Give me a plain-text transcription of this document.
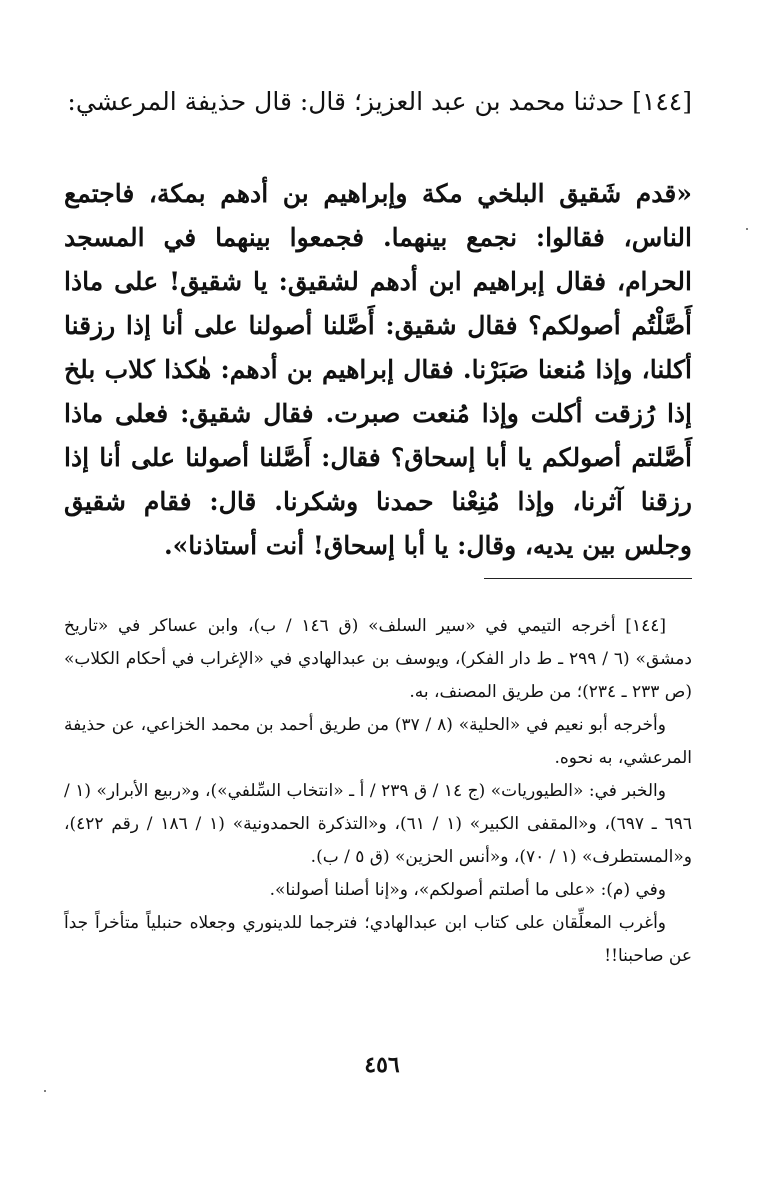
[١٤٤] حدثنا محمد بن عبد العزيز؛ قال: قال حذيفة المرعشي:

«قدم شَقيق البلخي مكة وإبراهيم بن أدهم بمكة، فاجتمع الناس، فقالوا: نجمع بينهما. فجمعوا بينهما في المسجد الحرام، فقال إبراهيم ابن أدهم لشقيق: يا شقيق! على ماذا أَصَّلْتُم أصولكم؟ فقال شقيق: أَصَّلنا أصولنا على أنا إذا رزقنا أكلنا، وإذا مُنعنا صَبَرْنا. فقال إبراهيم بن أدهم: هٰكذا كلاب بلخ إذا رُزقت أكلت وإذا مُنعت صبرت. فقال شقيق: فعلى ماذا أَصَّلتم أصولكم يا أبا إسحاق؟ فقال: أَصَّلنا أصولنا على أنا إذا رزقنا آثرنا، وإذا مُنِعْنا حمدنا وشكرنا. قال: فقام شقيق وجلس بين يديه، وقال: يا أبا إسحاق! أنت أستاذنا».

[١٤٤] أخرجه التيمي في «سير السلف» (ق ١٤٦ / ب)، وابن عساكر في «تاريخ دمشق» (٦ / ٢٩٩ ـ ط دار الفكر)، ويوسف بن عبدالهادي في «الإغراب في أحكام الكلاب» (ص ٢٣٣ ـ ٢٣٤)؛ من طريق المصنف، به.

وأخرجه أبو نعيم في «الحلية» (٨ / ٣٧) من طريق أحمد بن محمد الخزاعي، عن حذيفة المرعشي، به نحوه.

والخبر في: «الطيوريات» (ج ١٤ / ق ٢٣٩ / أ ـ «انتخاب السِّلفي»)، و«ربيع الأبرار» (١ / ٦٩٦ ـ ٦٩٧)، و«المقفى الكبير» (١ / ٦١)، و«التذكرة الحمدونية» (١ / ١٨٦ / رقم ٤٢٢)، و«المستطرف» (١ / ٧٠)، و«أنس الحزين» (ق ٥ / ب).

وفي (م): «على ما أصلتم أصولكم»، و«إنا أصلنا أصولنا».

وأغرب المعلِّقان على كتاب ابن عبدالهادي؛ فترجما للدينوري وجعلاه حنبلياً متأخراً جداً عن صاحبنا!!

٤٥٦
